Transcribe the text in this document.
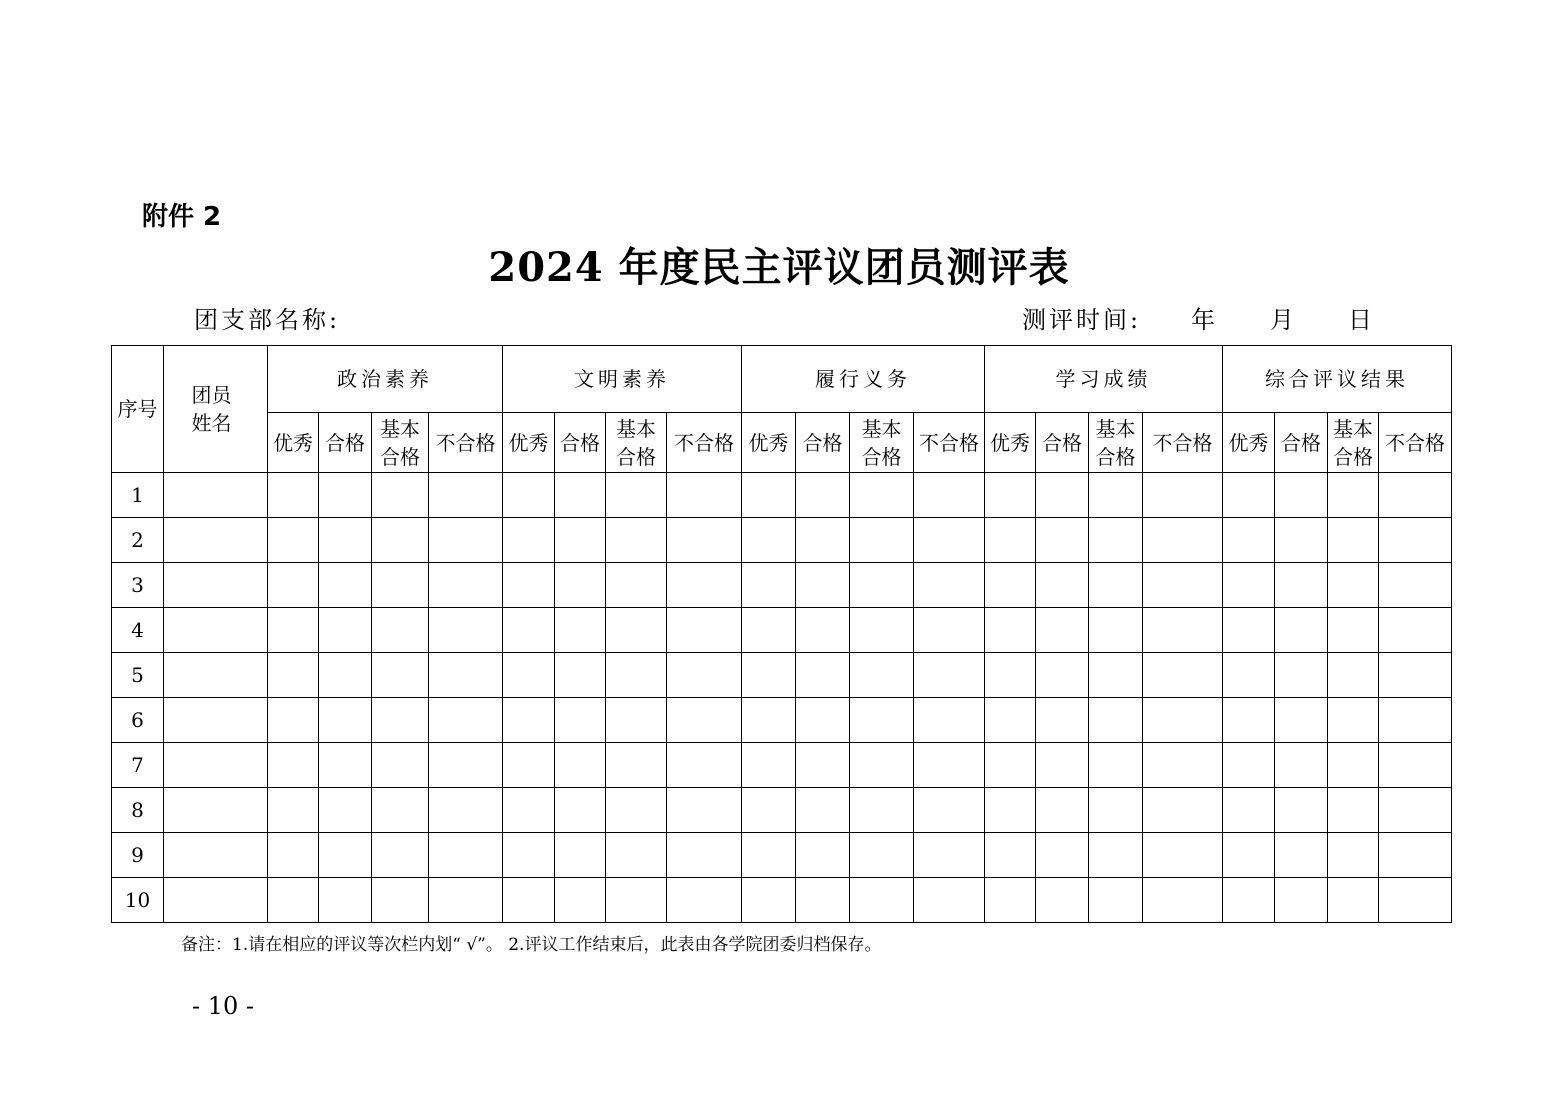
附件 2
2024 年度民主评议团员测评表
团支部名称:	测评时间: 年 月 日
序号	团员姓名	政治素养				文明素养				履行义务				学习成绩				综合评议结果			
		优秀	合格	基本合格	不合格	优秀	合格	基本合格	不合格	优秀	合格	基本合格	不合格	优秀	合格	基本合格	不合格	优秀	合格	基本合格	不合格
1																					
2																					
3																					
4																					
5																					
6																					
7																					
8																					
9																					
10																					
备注：1.请在相应的评议等次栏内划“ √”。 2.评议工作结束后，此表由各学院团委归档保存。
- 10 -
